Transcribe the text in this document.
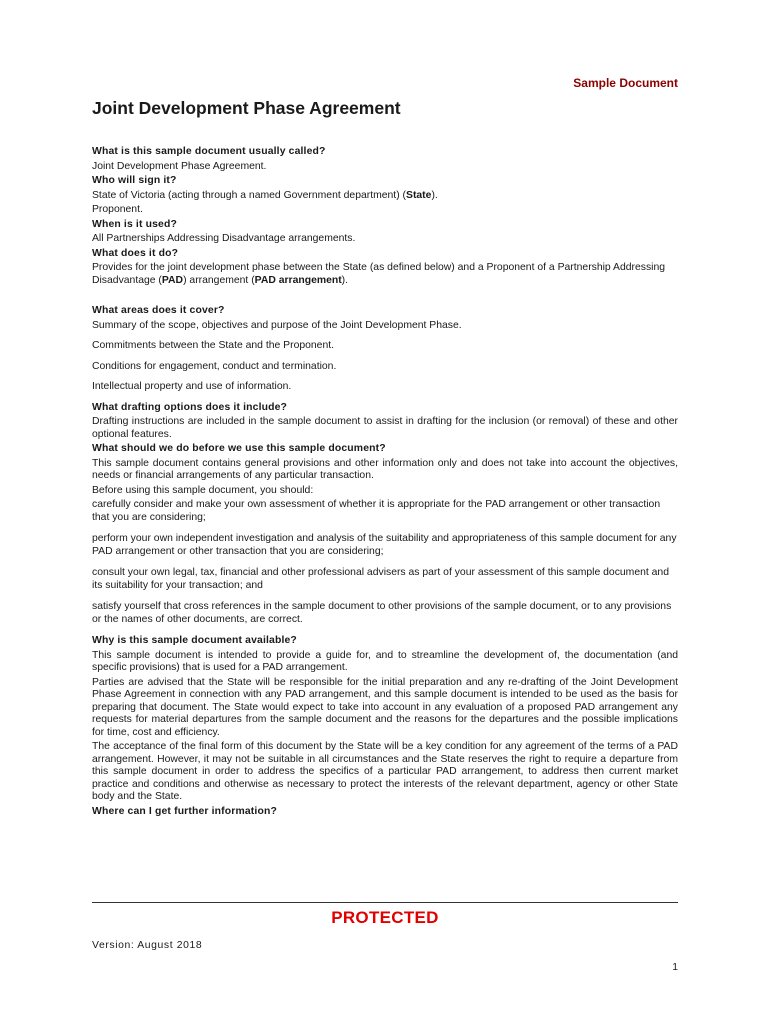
Sample Document
Joint Development Phase Agreement
What is this sample document usually called?
Joint Development Phase Agreement.
Who will sign it?
State of Victoria (acting through a named Government department) (State).
Proponent.
When is it used?
All Partnerships Addressing Disadvantage arrangements.
What does it do?
Provides for the joint development phase between the State (as defined below) and a Proponent of a Partnership Addressing Disadvantage (PAD) arrangement (PAD arrangement).
What areas does it cover?
Summary of the scope, objectives and purpose of the Joint Development Phase.
Commitments between the State and the Proponent.
Conditions for engagement, conduct and termination.
Intellectual property and use of information.
What drafting options does it include?
Drafting instructions are included in the sample document to assist in drafting for the inclusion (or removal) of these and other optional features.
What should we do before we use this sample document?
This sample document contains general provisions and other information only and does not take into account the objectives, needs or financial arrangements of any particular transaction.
Before using this sample document, you should:
carefully consider and make your own assessment of whether it is appropriate for the PAD arrangement or other transaction that you are considering;
perform your own independent investigation and analysis of the suitability and appropriateness of this sample document for any PAD arrangement or other transaction that you are considering;
consult your own legal, tax, financial and other professional advisers as part of your assessment of this sample document and its suitability for your transaction; and
satisfy yourself that cross references in the sample document to other provisions of the sample document, or to any provisions or the names of other documents, are correct.
Why is this sample document available?
This sample document is intended to provide a guide for, and to streamline the development of, the documentation (and specific provisions) that is used for a PAD arrangement.
Parties are advised that the State will be responsible for the initial preparation and any re-drafting of the Joint Development Phase Agreement in connection with any PAD arrangement, and this sample document is intended to be used as the basis for preparing that document. The State would expect to take into account in any evaluation of a proposed PAD arrangement any requests for material departures from the sample document and the reasons for the departures and the possible implications for time, cost and efficiency.
The acceptance of the final form of this document by the State will be a key condition for any agreement of the terms of a PAD arrangement. However, it may not be suitable in all circumstances and the State reserves the right to require a departure from this sample document in order to address the specifics of a particular PAD arrangement, to address then current market practice and conditions and otherwise as necessary to protect the interests of the relevant department, agency or other State body and the State.
Where can I get further information?
PROTECTED
Version: August 2018
1
